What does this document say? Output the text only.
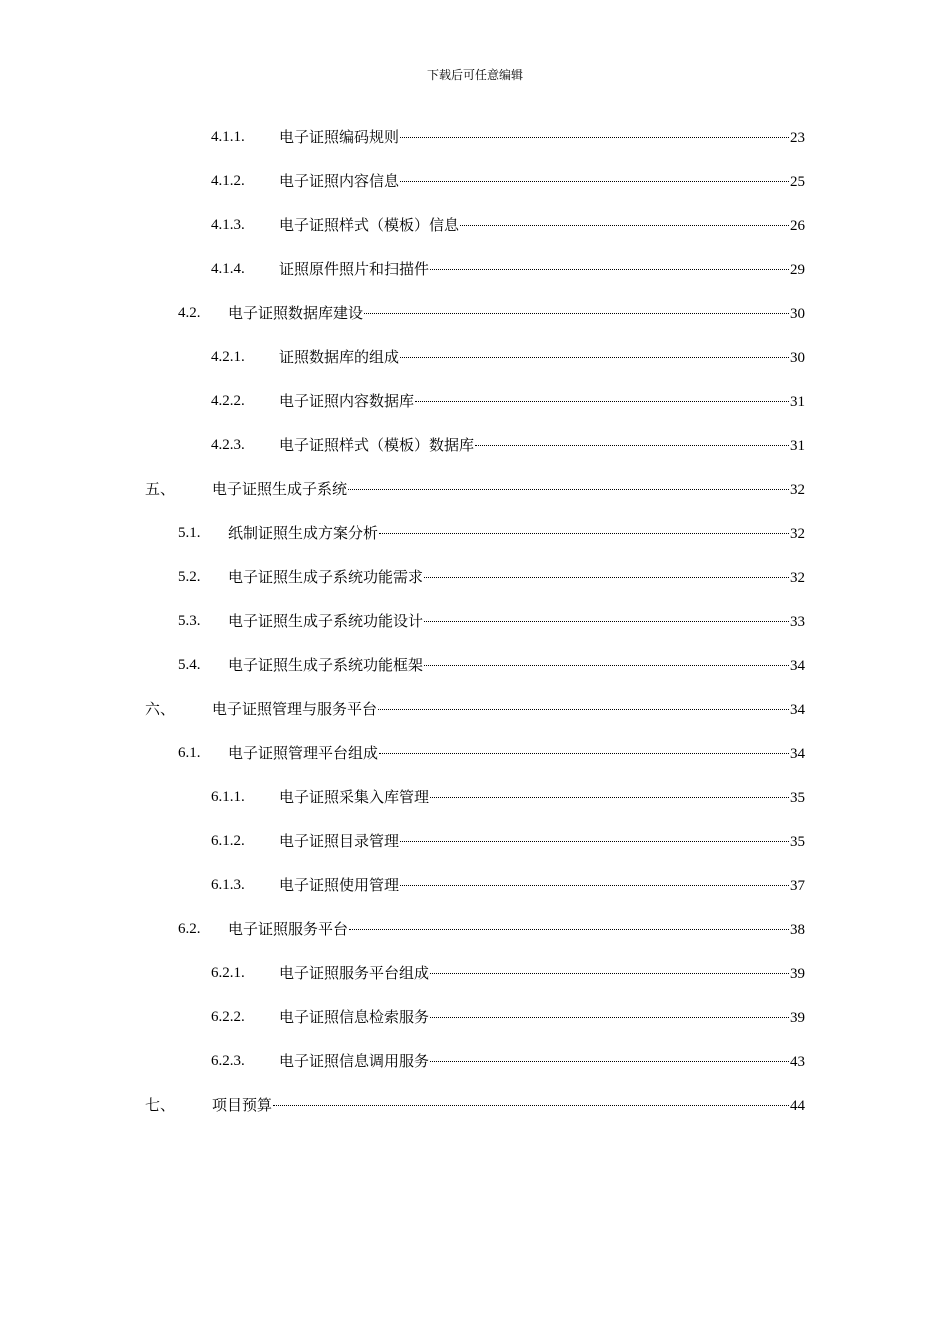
下载后可任意编辑
4.1.1. 电子证照编码规则	23
4.1.2. 电子证照内容信息	25
4.1.3. 电子证照样式（模板）信息	26
4.1.4. 证照原件照片和扫描件	29
4.2. 电子证照数据库建设	30
4.2.1. 证照数据库的组成	30
4.2.2. 电子证照内容数据库	31
4.2.3. 电子证照样式（模板）数据库	31
五、 电子证照生成子系统	32
5.1. 纸制证照生成方案分析	32
5.2. 电子证照生成子系统功能需求	32
5.3. 电子证照生成子系统功能设计	33
5.4. 电子证照生成子系统功能框架	34
六、 电子证照管理与服务平台	34
6.1. 电子证照管理平台组成	34
6.1.1. 电子证照采集入库管理	35
6.1.2. 电子证照目录管理	35
6.1.3. 电子证照使用管理	37
6.2. 电子证照服务平台	38
6.2.1. 电子证照服务平台组成	39
6.2.2. 电子证照信息检索服务	39
6.2.3. 电子证照信息调用服务	43
七、 项目预算	44
